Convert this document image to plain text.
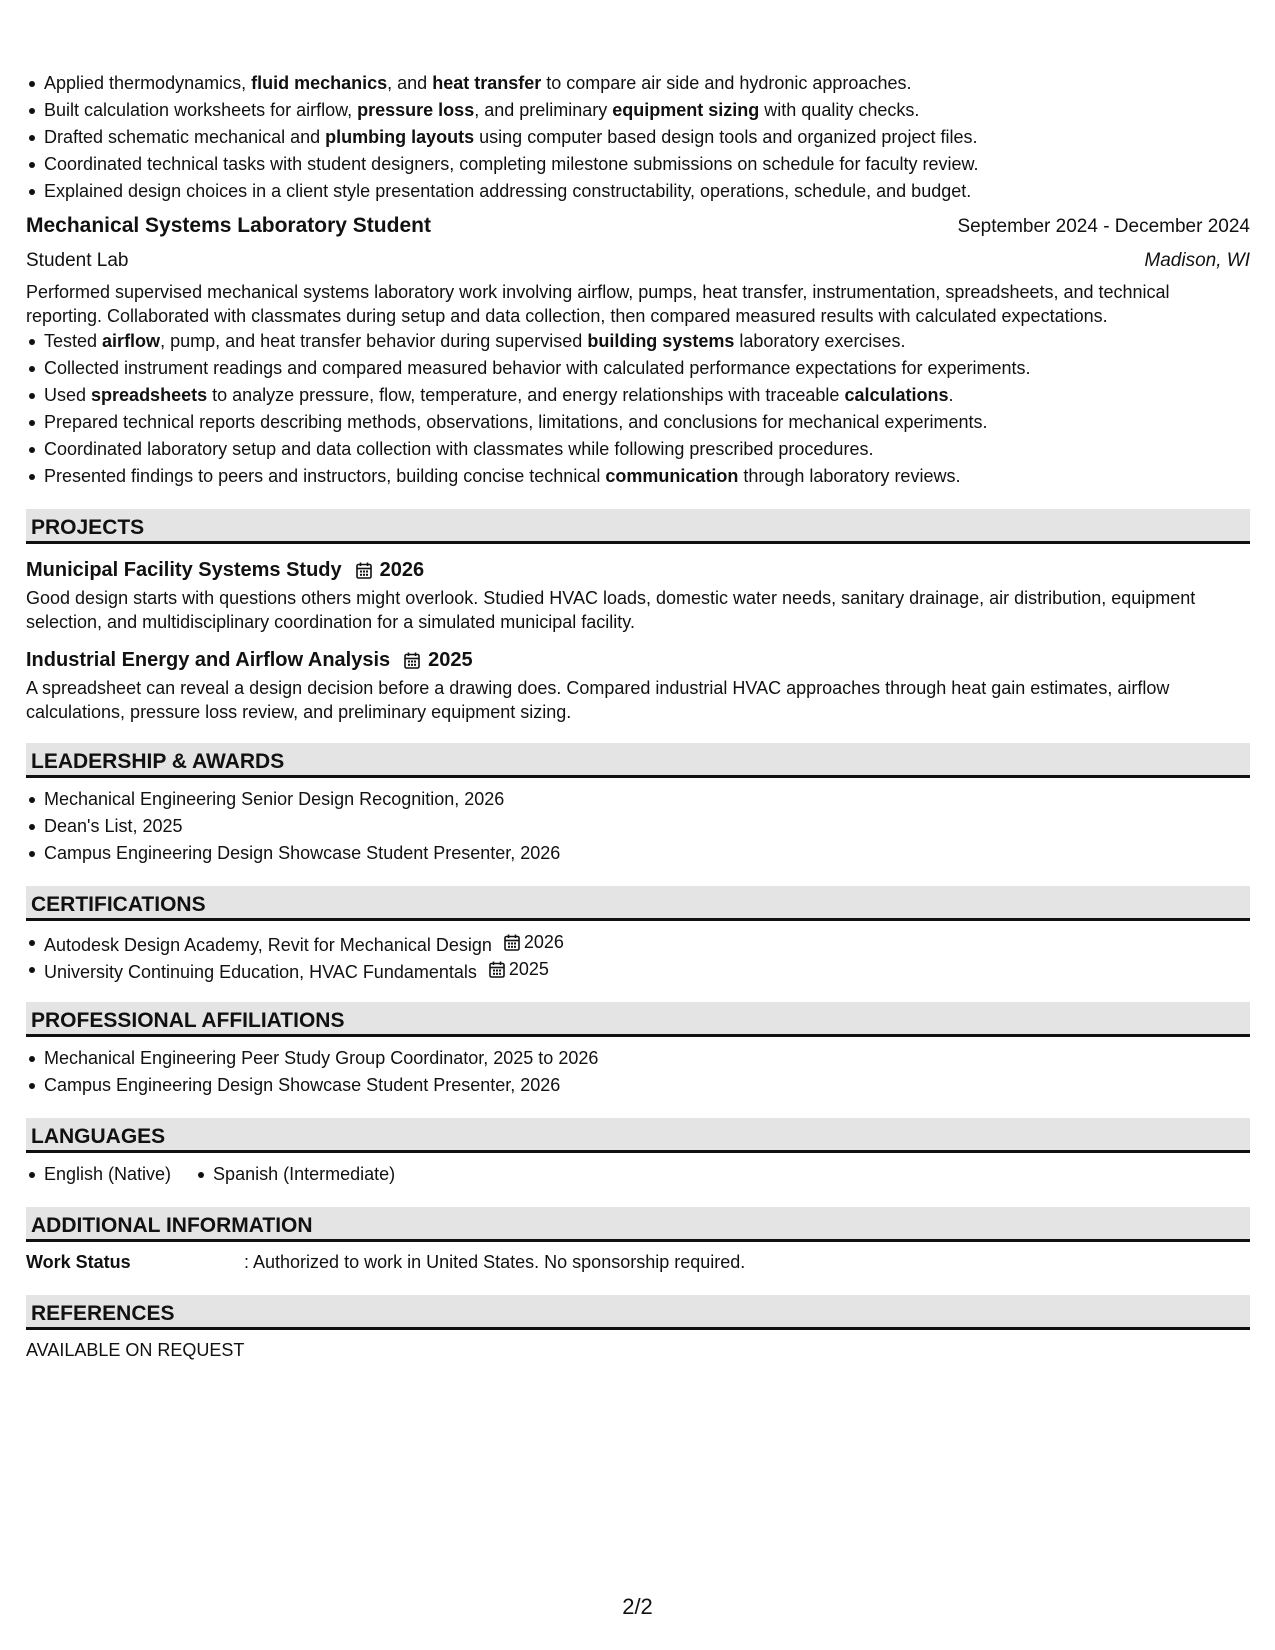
Applied thermodynamics, fluid mechanics, and heat transfer to compare air side and hydronic approaches.
Built calculation worksheets for airflow, pressure loss, and preliminary equipment sizing with quality checks.
Drafted schematic mechanical and plumbing layouts using computer based design tools and organized project files.
Coordinated technical tasks with student designers, completing milestone submissions on schedule for faculty review.
Explained design choices in a client style presentation addressing constructability, operations, schedule, and budget.
Mechanical Systems Laboratory Student	September 2024 - December 2024
Student Lab	Madison, WI

Performed supervised mechanical systems laboratory work involving airflow, pumps, heat transfer, instrumentation, spreadsheets, and technical reporting. Collaborated with classmates during setup and data collection, then compared measured results with calculated expectations.

Tested airflow, pump, and heat transfer behavior during supervised building systems laboratory exercises.
Collected instrument readings and compared measured behavior with calculated performance expectations for experiments.
Used spreadsheets to analyze pressure, flow, temperature, and energy relationships with traceable calculations.
Prepared technical reports describing methods, observations, limitations, and conclusions for mechanical experiments.
Coordinated laboratory setup and data collection with classmates while following prescribed procedures.
Presented findings to peers and instructors, building concise technical communication through laboratory reviews.
PROJECTS
Municipal Facility Systems Study 2026

Good design starts with questions others might overlook. Studied HVAC loads, domestic water needs, sanitary drainage, air distribution, equipment selection, and multidisciplinary coordination for a simulated municipal facility.

Industrial Energy and Airflow Analysis 2025

A spreadsheet can reveal a design decision before a drawing does. Compared industrial HVAC approaches through heat gain estimates, airflow calculations, pressure loss review, and preliminary equipment sizing.

LEADERSHIP & AWARDS
Mechanical Engineering Senior Design Recognition, 2026
Dean's List, 2025
Campus Engineering Design Showcase Student Presenter, 2026
CERTIFICATIONS
Autodesk Design Academy, Revit for Mechanical Design 2026
University Continuing Education, HVAC Fundamentals 2025
PROFESSIONAL AFFILIATIONS
Mechanical Engineering Peer Study Group Coordinator, 2025 to 2026
Campus Engineering Design Showcase Student Presenter, 2026
LANGUAGES
English (Native) Spanish (Intermediate)
ADDITIONAL INFORMATION
Work Status	: Authorized to work in United States. No sponsorship required.
REFERENCES
AVAILABLE ON REQUEST
2/2
